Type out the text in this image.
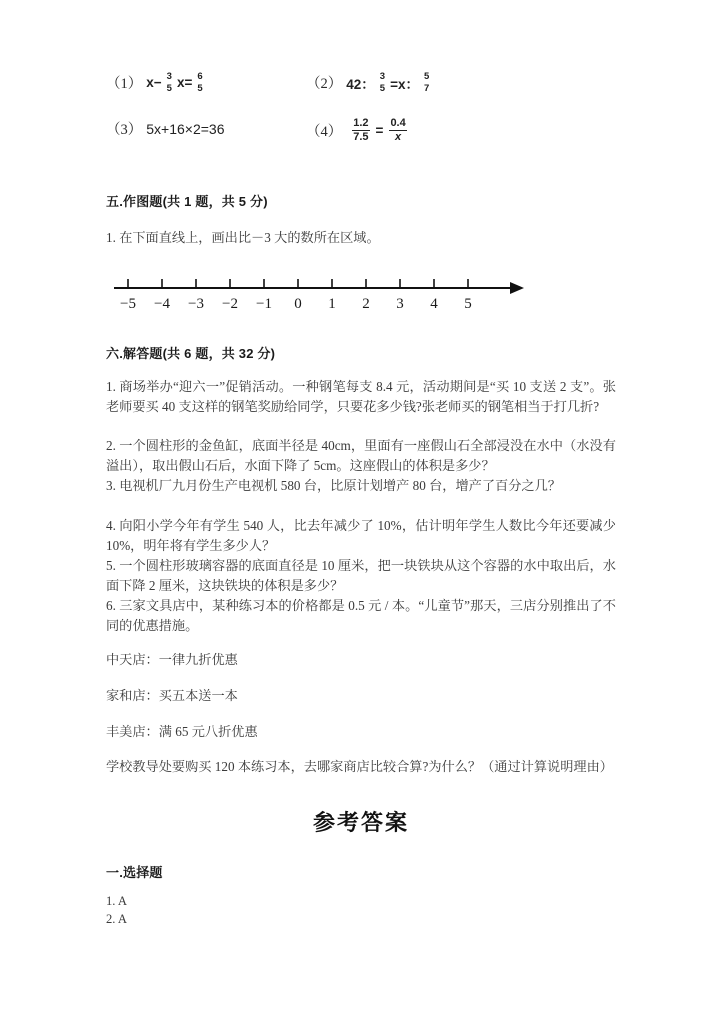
（1） x− 3
5 x= 6
5	（2） 42： 3
5 =x： 5
7
（3） 5x+16×2=36	$(4) \frac{1.2}{7.5} = \frac{0.4}{x}$
五.作图题(共 1 题，共 5 分)
1. 在下面直线上，画出比－3 大的数所在区域。
−5 −4 −3 −2 −1 0 1 2 3 4 5
六.解答题(共 6 题，共 32 分)
1. 商场举办“迎六一”促销活动。一种钢笔每支 8.4 元，活动期间是“买 10 支送 2 支”。张老师要买 40 支这样的钢笔奖励给同学，只要花多少钱?张老师买的钢笔相当于打几折?
2. 一个圆柱形的金鱼缸，底面半径是 40cm，里面有一座假山石全部浸没在水中（水没有溢出），取出假山石后，水面下降了 5cm。这座假山的体积是多少？
3. 电视机厂九月份生产电视机 580 台，比原计划增产 80 台，增产了百分之几？
4. 向阳小学今年有学生 540 人，比去年减少了 10%，估计明年学生人数比今年还要减少 10%，明年将有学生多少人？
5. 一个圆柱形玻璃容器的底面直径是 10 厘米，把一块铁块从这个容器的水中取出后，水面下降 2 厘米，这块铁块的体积是多少？
6. 三家文具店中，某种练习本的价格都是 0.5 元 / 本。“儿童节”那天，三店分别推出了不同的优惠措施。
中天店：一律九折优惠
家和店：买五本送一本
丰美店：满 65 元八折优惠
学校教导处要购买 120 本练习本，去哪家商店比较合算?为什么？（通过计算说明理由）
参考答案
一.选择题
1. A
2. A
